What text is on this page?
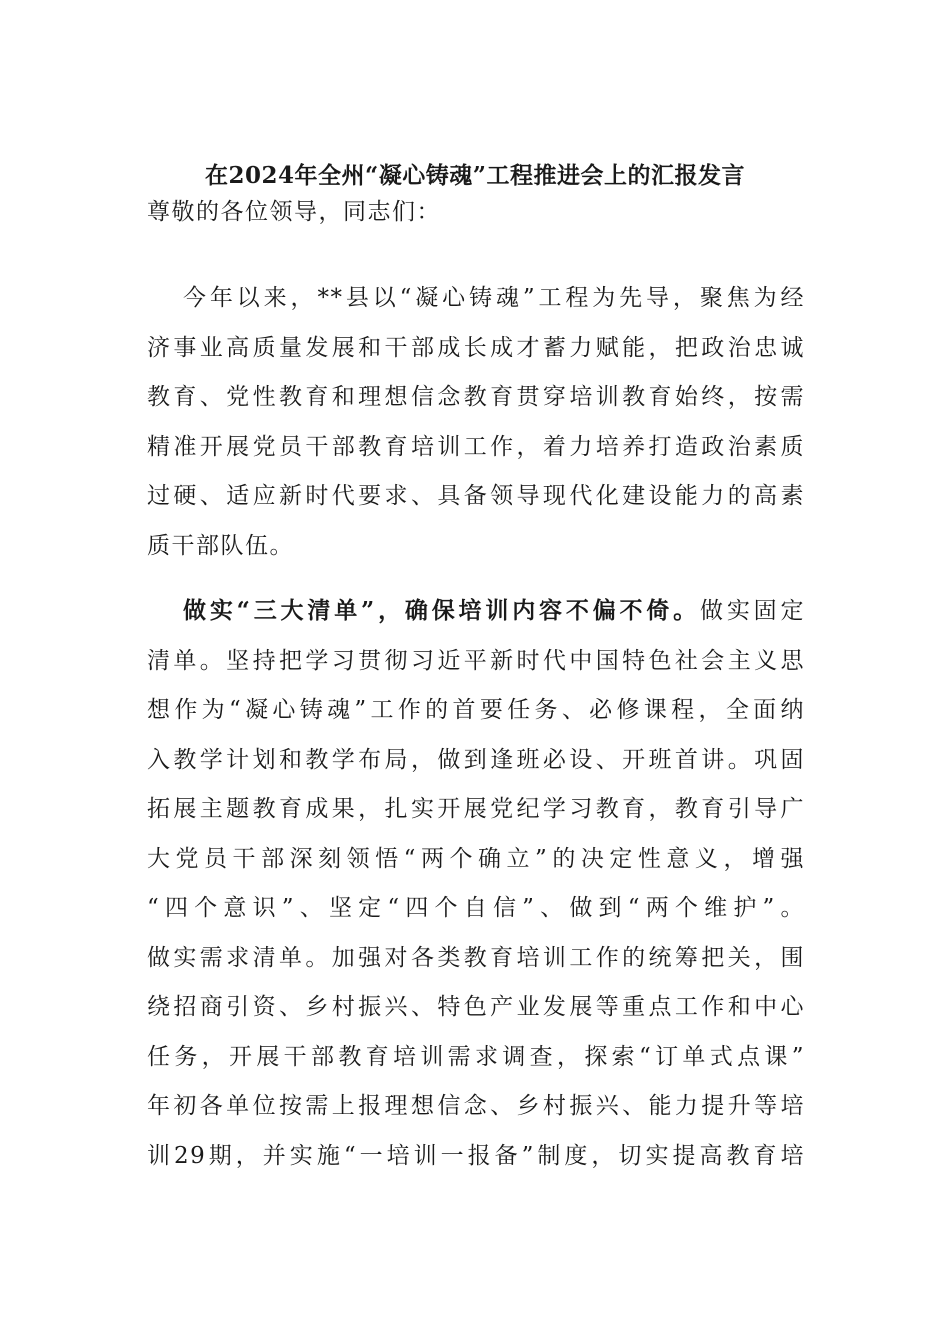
在2024年全州“凝心铸魂”工程推进会上的汇报发言
尊敬的各位领导，同志们：
今年以来，**县以“凝心铸魂”工程为先导，聚焦为经
济事业高质量发展和干部成长成才蓄力赋能，把政治忠诚
教育、党性教育和理想信念教育贯穿培训教育始终，按需
精准开展党员干部教育培训工作，着力培养打造政治素质
过硬、适应新时代要求、具备领导现代化建设能力的高素
质干部队伍。
做实“三大清单”，确保培训内容不偏不倚。做实固定
清单。坚持把学习贯彻习近平新时代中国特色社会主义思
想作为“凝心铸魂”工作的首要任务、必修课程，全面纳
入教学计划和教学布局，做到逢班必设、开班首讲。巩固
拓展主题教育成果，扎实开展党纪学习教育，教育引导广
大党员干部深刻领悟“两个确立”的决定性意义，增强
“四个意识”、坚定“四个自信”、做到“两个维护”。
做实需求清单。加强对各类教育培训工作的统筹把关，围
绕招商引资、乡村振兴、特色产业发展等重点工作和中心
任务，开展干部教育培训需求调查，探索“订单式点课”
年初各单位按需上报理想信念、乡村振兴、能力提升等培
训29期，并实施“一培训一报备”制度，切实提高教育培
